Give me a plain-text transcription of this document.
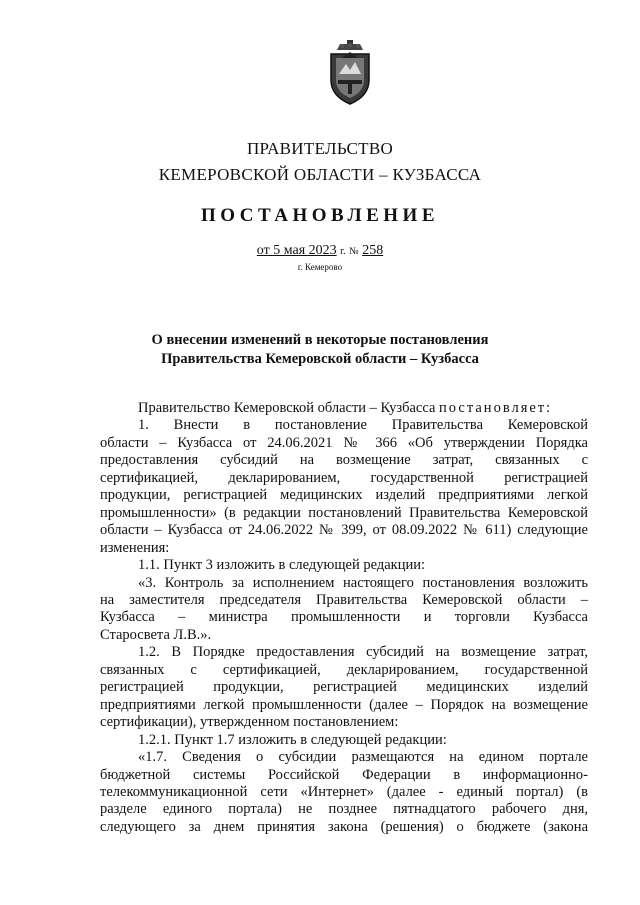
ПРАВИТЕЛЬСТВО
КЕМЕРОВСКОЙ ОБЛАСТИ – КУЗБАССА
ПОСТАНОВЛЕНИЕ
от 5 мая 2023 г. № 258
г. Кемерово
О внесении изменений в некоторые постановления
Правительства Кемеровской области – Кузбасса

Правительство Кемеровской области – Кузбасса постановляет:

1. Внести в постановление Правительства Кемеровской

области – Кузбасса от 24.06.2021 № 366 «Об утверждении Порядка

предоставления субсидий на возмещение затрат, связанных с

сертификацией, декларированием, государственной регистрацией

продукции, регистрацией медицинских изделий предприятиями легкой

промышленности» (в редакции постановлений Правительства Кемеровской

области – Кузбасса от 24.06.2022 № 399, от 08.09.2022 № 611) следующие

изменения:

1.1. Пункт 3 изложить в следующей редакции:

«3. Контроль за исполнением настоящего постановления возложить

на заместителя председателя Правительства Кемеровской области –

Кузбасса – министра промышленности и торговли Кузбасса

Старосвета Л.В.».

1.2. В Порядке предоставления субсидий на возмещение затрат,

связанных с сертификацией, декларированием, государственной

регистрацией продукции, регистрацией медицинских изделий

предприятиями легкой промышленности (далее – Порядок на возмещение

сертификации), утвержденном постановлением:

1.2.1. Пункт 1.7 изложить в следующей редакции:

«1.7. Сведения о субсидии размещаются на едином портале

бюджетной системы Российской Федерации в информационно-

телекоммуникационной сети «Интернет» (далее - единый портал) (в

разделе единого портала) не позднее пятнадцатого рабочего дня,

следующего за днем принятия закона (решения) о бюджете (закона
